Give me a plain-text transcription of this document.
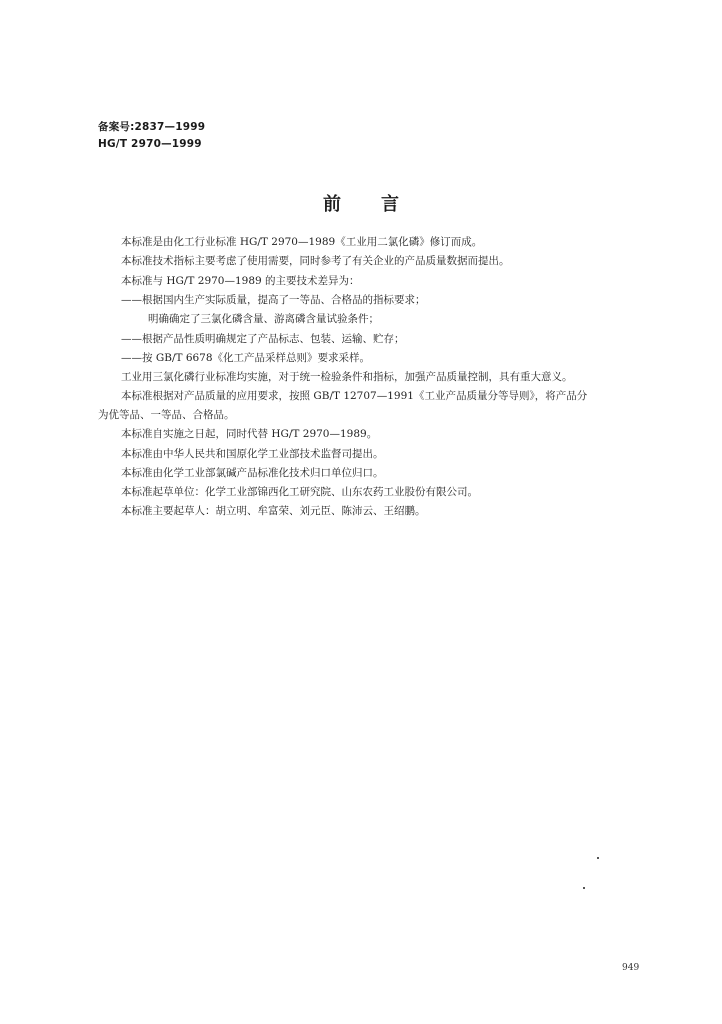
备案号:2837—1999
HG/T 2970—1999
前言
本标准是由化工行业标准 HG/T 2970—1989《工业用二氯化磷》修订而成。
本标准技术指标主要考虑了使用需要，同时参考了有关企业的产品质量数据而提出。
本标准与 HG/T 2970—1989 的主要技术差异为：
——根据国内生产实际质量，提高了一等品、合格品的指标要求；
明确确定了三氯化磷含量、游离磷含量试验条件；
——根据产品性质明确规定了产品标志、包装、运输、贮存；
——按 GB/T 6678《化工产品采样总则》要求采样。
工业用三氯化磷行业标准均实施，对于统一检验条件和指标，加强产品质量控制，具有重大意义。
本标准根据对产品质量的应用要求，按照 GB/T 12707—1991《工业产品质量分等导则》，将产品分
为优等品、一等品、合格品。
本标准自实施之日起，同时代替 HG/T 2970—1989。
本标准由中华人民共和国原化学工业部技术监督司提出。
本标准由化学工业部氯碱产品标准化技术归口单位归口。
本标准起草单位：化学工业部锦西化工研究院、山东农药工业股份有限公司。
本标准主要起草人：胡立明、牟富荣、刘元臣、陈沛云、王绍鹏。
949
